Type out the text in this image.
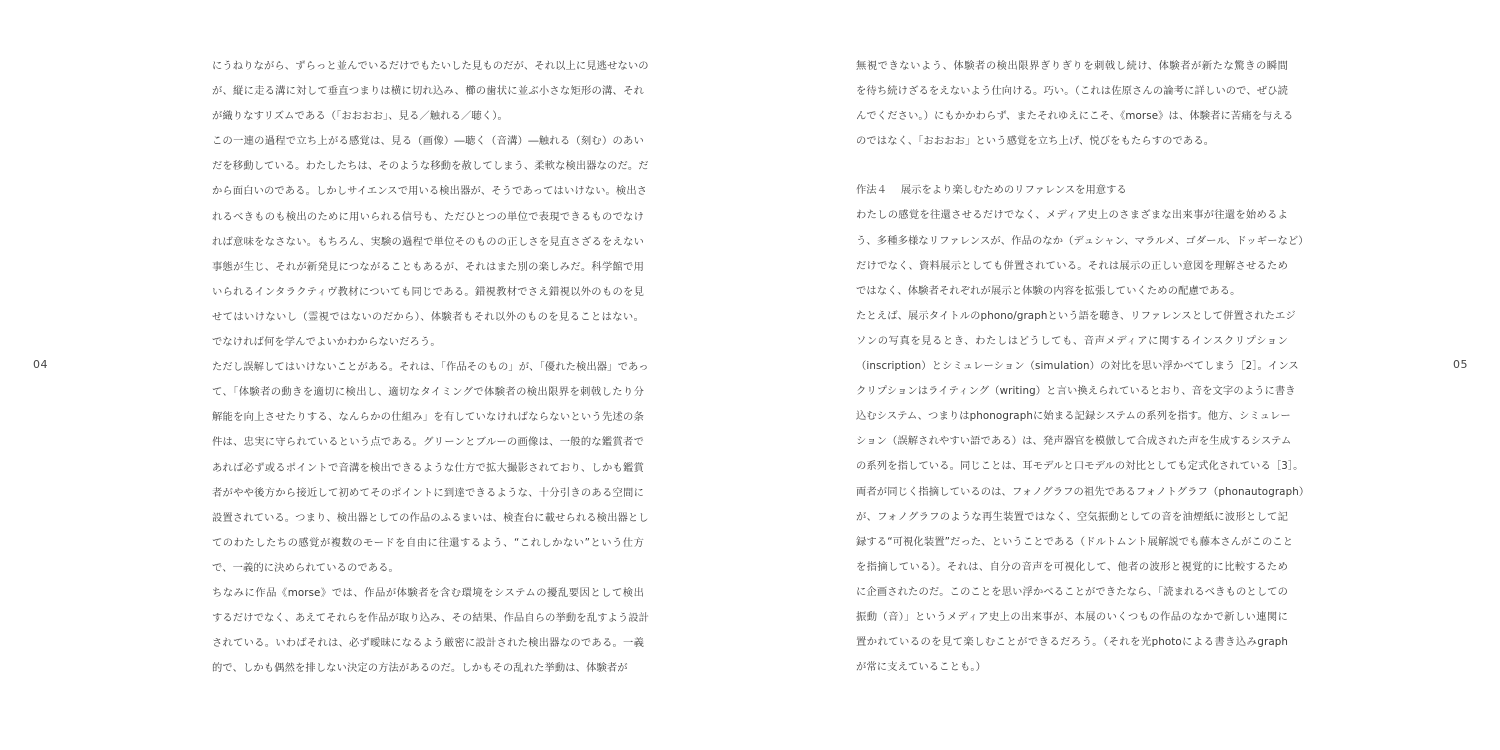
04	05
にうねりながら、ずらっと並んでいるだけでもたいした見ものだが、それ以上に見逃せないの
が、縦に走る溝に対して垂直つまりは横に切れ込み、櫛の歯状に並ぶ小さな矩形の溝、それ
が織りなすリズムである（「おおおお」、見る／触れる／聴く）。
この一連の過程で立ち上がる感覚は、見る（画像）―聴く（音溝）―触れる（刻む）のあい
だを移動している。わたしたちは、そのような移動を赦してしまう、柔軟な検出器なのだ。だ
から面白いのである。しかしサイエンスで用いる検出器が、そうであってはいけない。検出さ
れるべきものも検出のために用いられる信号も、ただひとつの単位で表現できるものでなけ
れば意味をなさない。もちろん、実験の過程で単位そのものの正しさを見直さざるをえない
事態が生じ、それが新発見につながることもあるが、それはまた別の楽しみだ。科学館で用
いられるインタラクティヴ教材についても同じである。錯視教材でさえ錯視以外のものを見
せてはいけないし（霊視ではないのだから）、体験者もそれ以外のものを見ることはない。
でなければ何を学んでよいかわからないだろう。
ただし誤解してはいけないことがある。それは、「作品そのもの」が、「優れた検出器」であっ
て、「体験者の動きを適切に検出し、適切なタイミングで体験者の検出限界を刺戟したり分
解能を向上させたりする、なんらかの仕組み」を有していなければならないという先述の条
件は、忠実に守られているという点である。グリーンとブルーの画像は、一般的な鑑賞者で
あれば必ず或るポイントで音溝を検出できるような仕方で拡大撮影されており、しかも鑑賞
者がやや後方から接近して初めてそのポイントに到達できるような、十分引きのある空間に
設置されている。つまり、検出器としての作品のふるまいは、検査台に載せられる検出器とし
てのわたしたちの感覚が複数のモードを自由に往還するよう、“これしかない”という仕方
で、一義的に決められているのである。
ちなみに作品《morse》では、作品が体験者を含む環境をシステムの擾乱要因として検出
するだけでなく、あえてそれらを作品が取り込み、その結果、作品自らの挙動を乱すよう設計
されている。いわばそれは、必ず曖昧になるよう厳密に設計された検出器なのである。一義
的で、しかも偶然を排しない決定の方法があるのだ。しかもその乱れた挙動は、体験者が
無視できないよう、体験者の検出限界ぎりぎりを刺戟し続け、体験者が新たな驚きの瞬間
を待ち続けざるをえないよう仕向ける。巧い。（これは佐原さんの論考に詳しいので、ぜひ読
んでください。）にもかかわらず、またそれゆえにこそ、《morse》は、体験者に苦痛を与える
のではなく、「おおおお」という感覚を立ち上げ、悦びをもたらすのである。
作法４ 展示をより楽しむためのリファレンスを用意する
わたしの感覚を往還させるだけでなく、メディア史上のさまざまな出来事が往還を始めるよ
う、多種多様なリファレンスが、作品のなか（デュシャン、マラルメ、ゴダール、ドッギーなど）
だけでなく、資料展示としても併置されている。それは展示の正しい意図を理解させるため
ではなく、体験者それぞれが展示と体験の内容を拡張していくための配慮である。
たとえば、展示タイトルのphono/graphという語を聴き、リファレンスとして併置されたエジ
ソンの写真を見るとき、わたしはどうしても、音声メディアに関するインスクリプション
（inscription）とシミュレーション（simulation）の対比を思い浮かべてしまう［2］。インス
クリプションはライティング（writing）と言い換えられているとおり、音を文字のように書き
込むシステム、つまりはphonographに始まる記録システムの系列を指す。他方、シミュレー
ション（誤解されやすい語である）は、発声器官を模倣して合成された声を生成するシステム
の系列を指している。同じことは、耳モデルと口モデルの対比としても定式化されている［3］。
両者が同じく指摘しているのは、フォノグラフの祖先であるフォノトグラフ（phonautograph）
が、フォノグラフのような再生装置ではなく、空気振動としての音を油煙紙に波形として記
録する“可視化装置”だった、ということである（ドルトムント展解説でも藤本さんがこのこと
を指摘している）。それは、自分の音声を可視化して、他者の波形と視覚的に比較するため
に企画されたのだ。このことを思い浮かべることができたなら、「読まれるべきものとしての
振動（音）」というメディア史上の出来事が、本展のいくつもの作品のなかで新しい連関に
置かれているのを見て楽しむことができるだろう。（それを光photoによる書き込みgraph
が常に支えていることも。）
